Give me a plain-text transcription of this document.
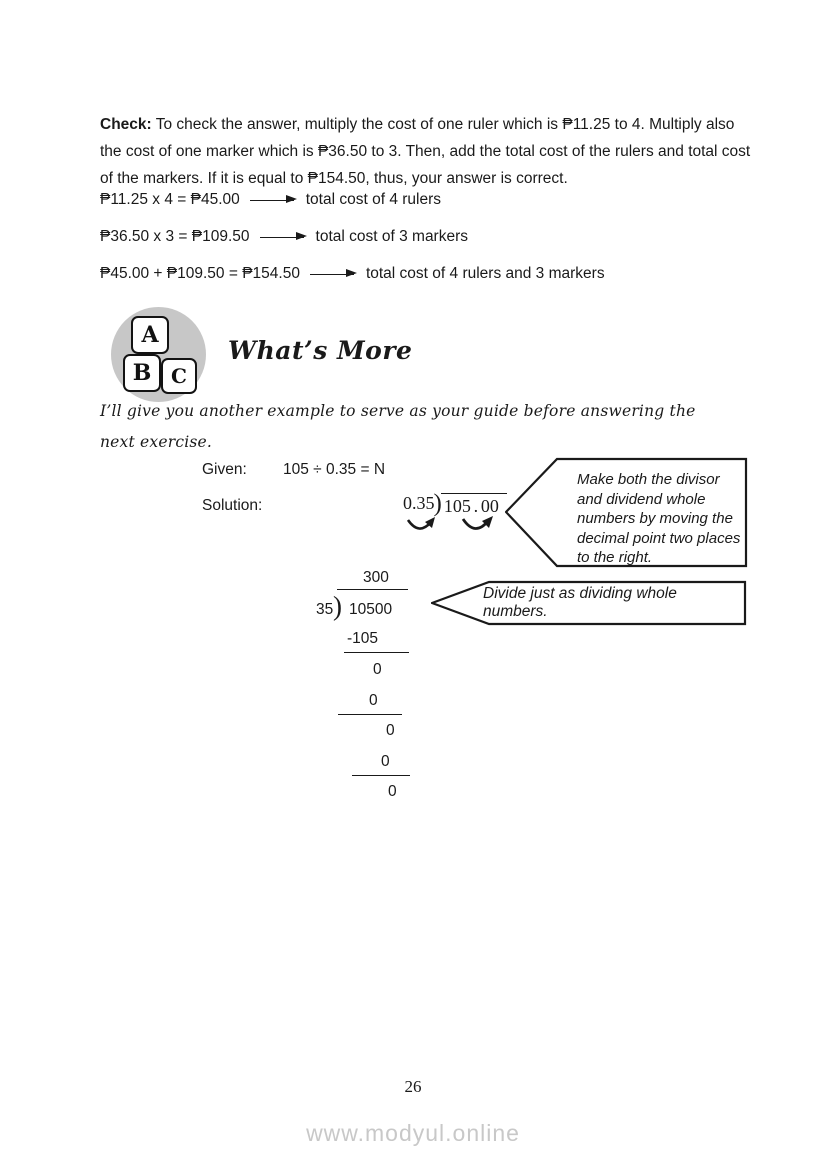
Check: To check the answer, multiply the cost of one ruler which is ₱11.25 to 4. Multiply also the cost of one marker which is ₱36.50 to 3. Then, add the total cost of the rulers and total cost of the markers. If it is equal to ₱154.50, thus, your answer is correct.

₱11.25 x 4 = ₱45.00	total cost of 4 rulers
₱36.50 x 3 = ₱109.50	total cost of 3 markers
₱45.00 + ₱109.50 = ₱154.50	total cost of 4 rulers and 3 markers
A
B C
What’s More
I’ll give you another example to serve as your guide before answering the
next exercise.
Given: 105 ÷ 0.35 = N
Solution:	0.35 ) 105 . 00
Make both the divisor and dividend whole numbers by moving the decimal point two places to the right.
Divide just as dividing whole numbers.
300
35 ) 10500
-105
0
0
0
0
0
26
www.modyul.online
